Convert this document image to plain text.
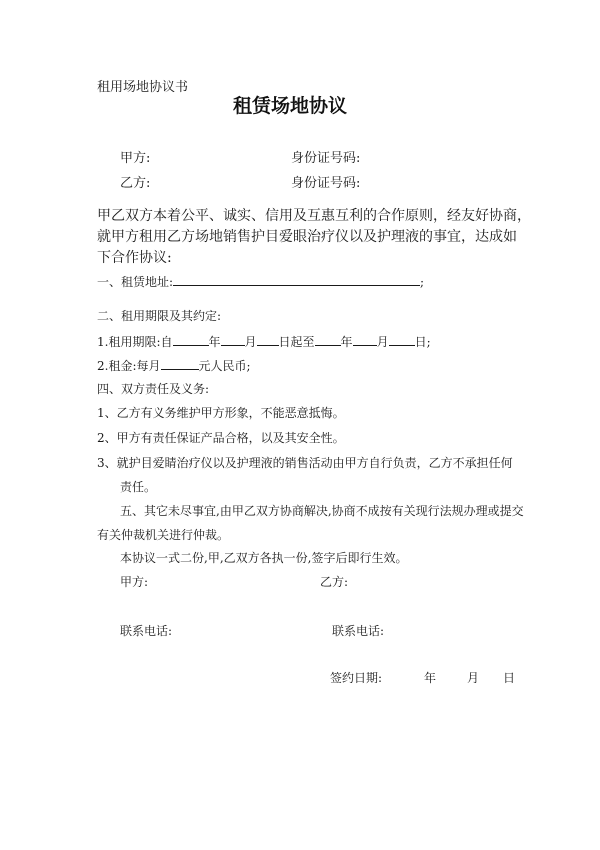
租用场地协议书
租赁场地协议
甲方:	身份证号码:
乙方:	身份证号码:
甲乙双方本着公平、诚实、信用及互惠互利的合作原则，经友好协商，
就甲方租用乙方场地销售护目爱眼治疗仪以及护理液的事宜，达成如
下合作协议:
一、租赁地址:	;
二、租用期限及其约定:
1.租用期限:自	年 月 日起至 年 月 日;
2.租金:每月	元人民币;
四、双方责任及义务:
1、乙方有义务维护甲方形象，不能恶意抵悔。
2、甲方有责任保证产品合格，以及其安全性。
3、就护目爱睛治疗仪以及护理液的销售活动由甲方自行负责，乙方不承担任何
责任。
五、其它未尽事宜,由甲乙双方协商解决,协商不成按有关现行法规办理或提交
有关仲裁机关进行仲裁。
本协议一式二份,甲,乙双方各执一份,签字后即行生效。
甲方:	乙方:
联系电话:	联系电话:
签约日期:	年	月 日
